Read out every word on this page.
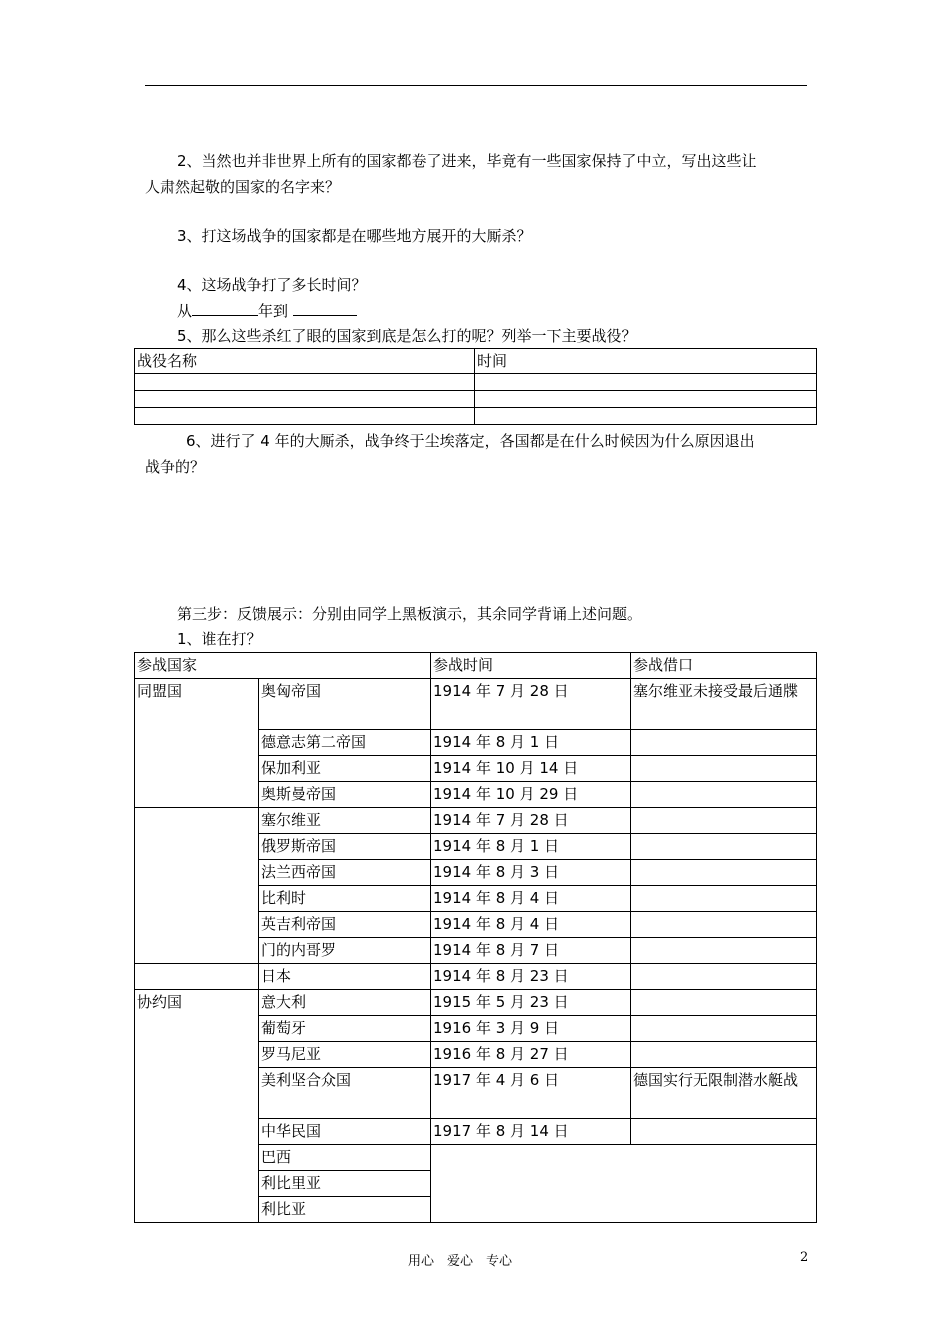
2、当然也并非世界上所有的国家都卷了进来，毕竟有一些国家保持了中立，写出这些让
人肃然起敬的国家的名字来？
3、打这场战争的国家都是在哪些地方展开的大厮杀？
4、这场战争打了多长时间？
从	年到
5、那么这些杀红了眼的国家到底是怎么打的呢？列举一下主要战役？
战役名称	时间

6、进行了 4 年的大厮杀，战争终于尘埃落定，各国都是在什么时候因为什么原因退出
战争的？
第三步：反馈展示：分别由同学上黑板演示，其余同学背诵上述问题。
1、谁在打？
参战国家		参战时间	参战借口
同盟国	奥匈帝国	1914 年 7 月 28 日	塞尔维亚未接受最后通牒
	德意志第二帝国	1914 年 8 月 1 日	
	保加利亚	1914 年 10 月 14 日	
	奥斯曼帝国	1914 年 10 月 29 日	
	塞尔维亚	1914 年 7 月 28 日	
	俄罗斯帝国	1914 年 8 月 1 日	
	法兰西帝国	1914 年 8 月 3 日	
	比利时	1914 年 8 月 4 日	
	英吉利帝国	1914 年 8 月 4 日	
	门的内哥罗	1914 年 8 月 7 日	
	日本	1914 年 8 月 23 日	
协约国	意大利	1915 年 5 月 23 日	
	葡萄牙	1916 年 3 月 9 日	
	罗马尼亚	1916 年 8 月 27 日	
	美利坚合众国	1917 年 4 月 6 日	德国实行无限制潜水艇战
	中华民国	1917 年 8 月 14 日	
	巴西		
	利比里亚		
	利比亚		
用心　爱心　专心	2
